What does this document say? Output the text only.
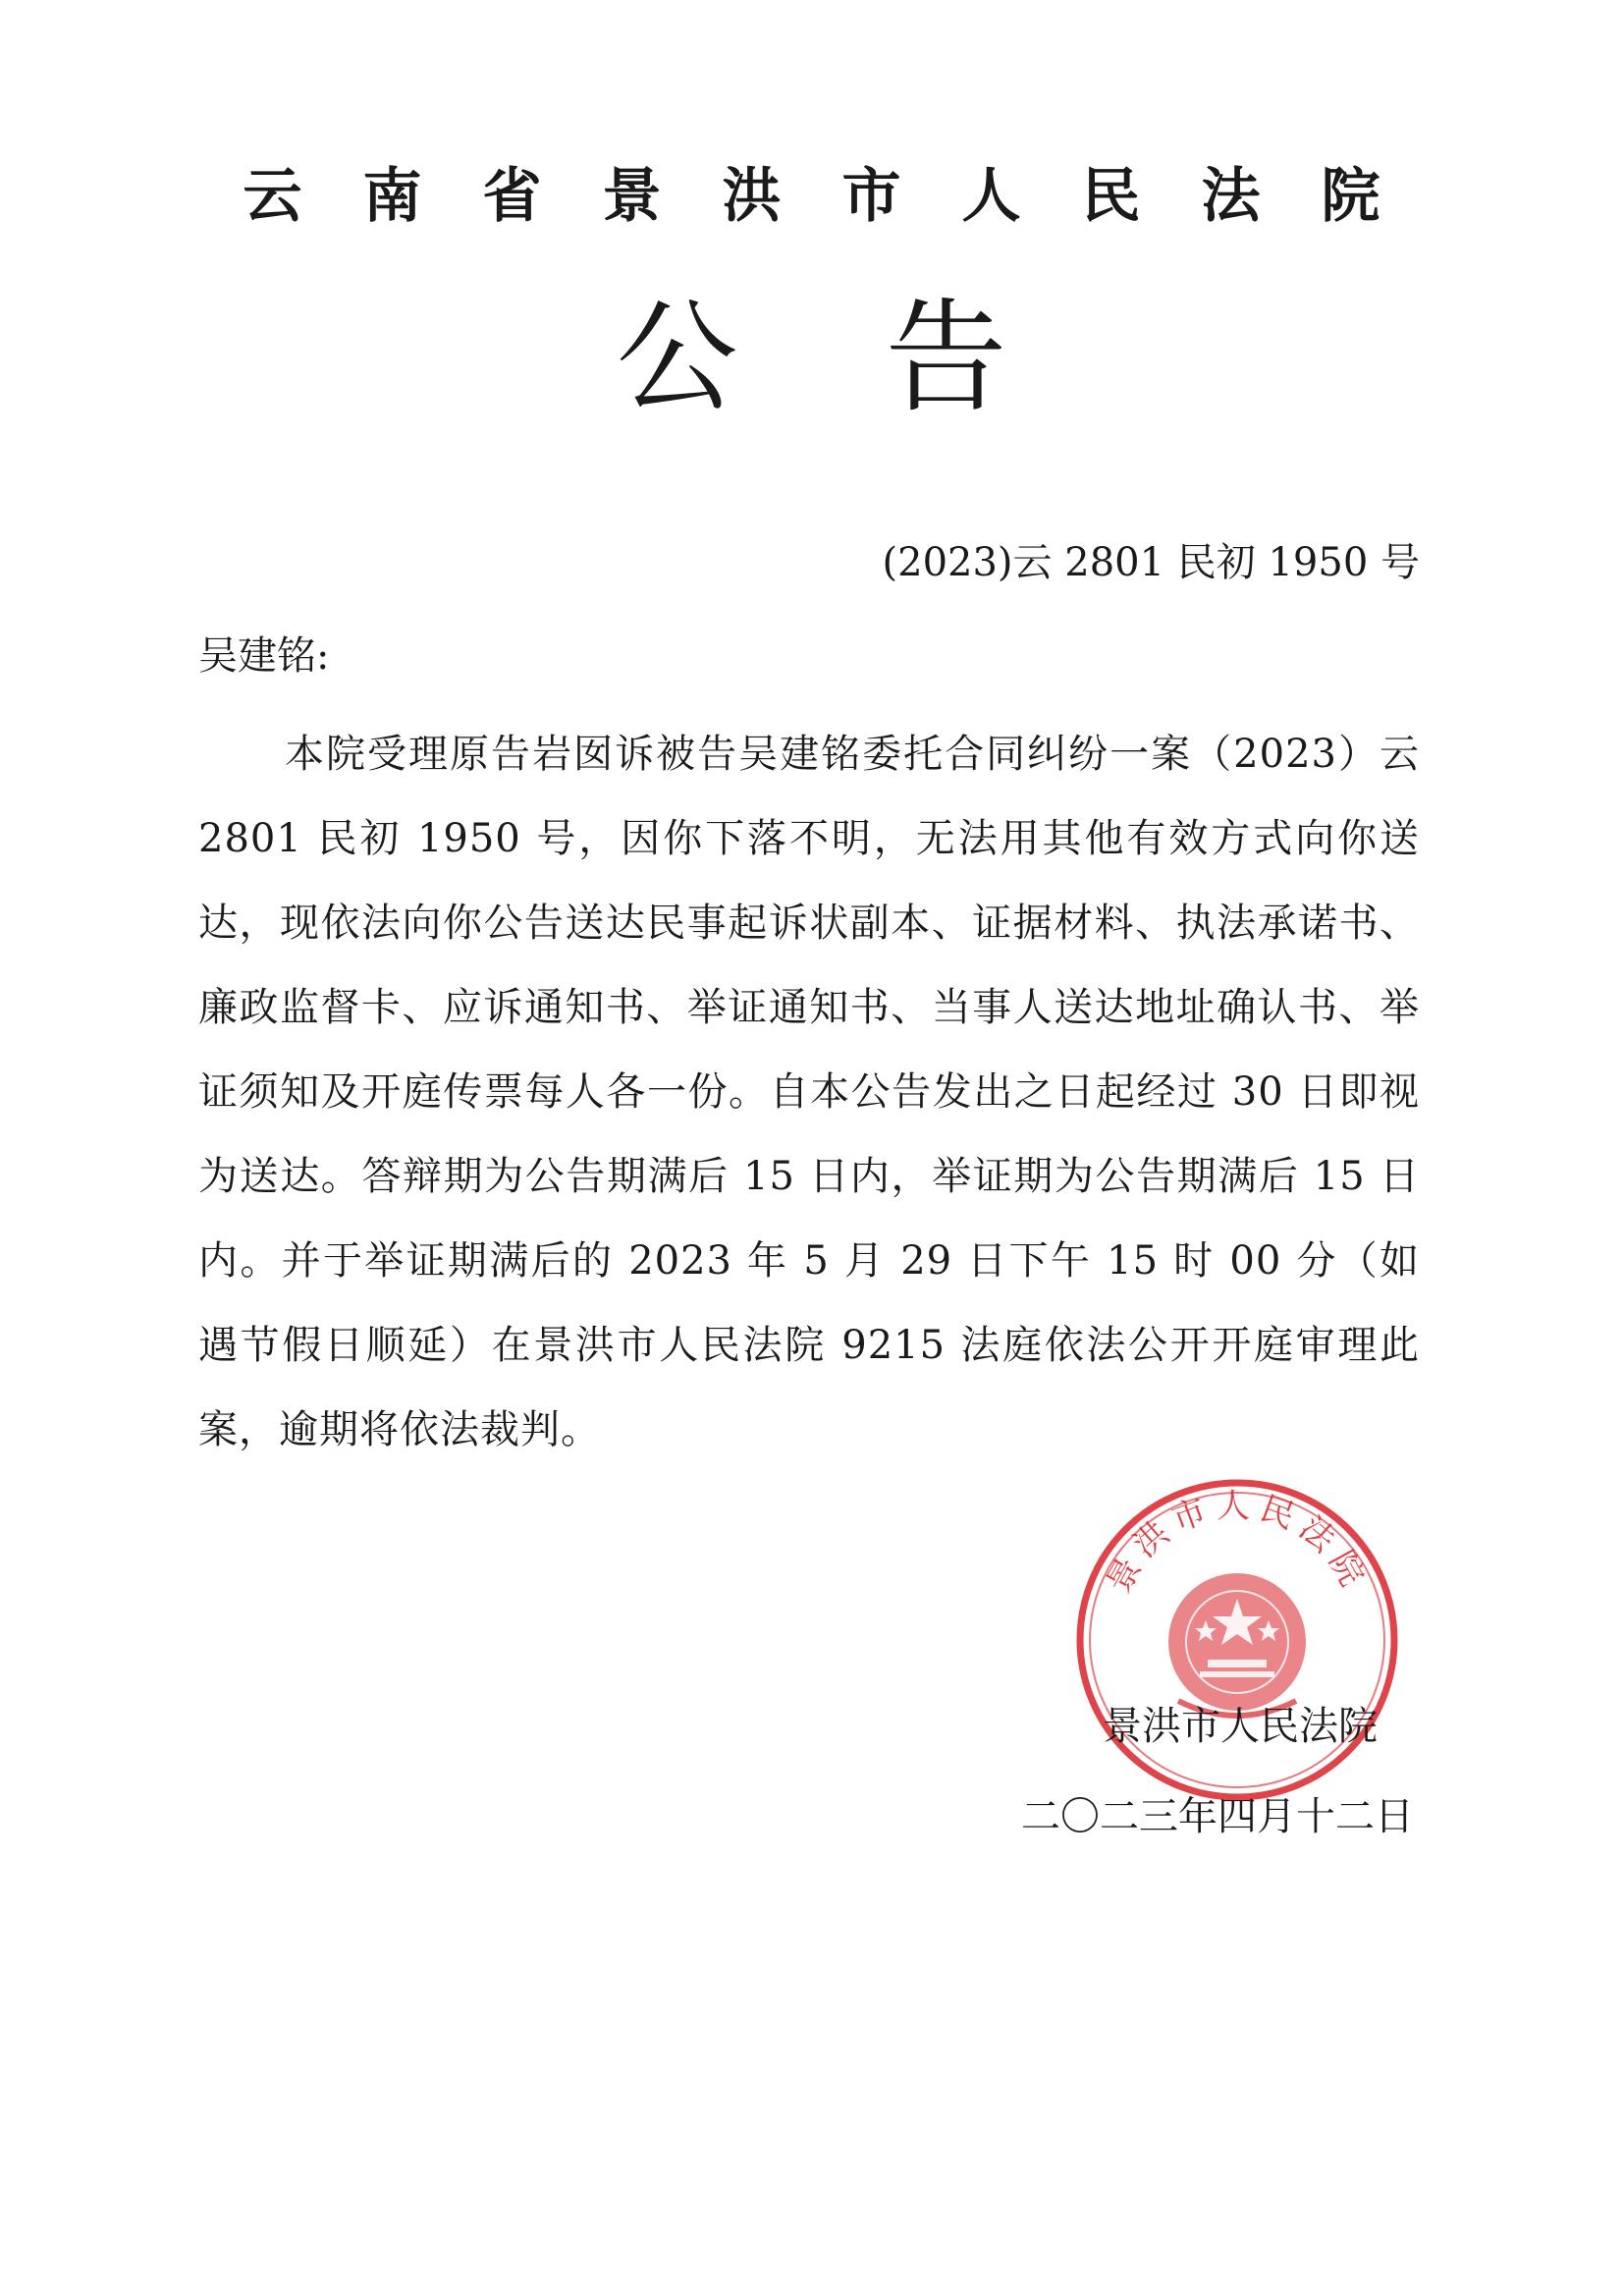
云南省景洪市人民法院
公告
(2023)云 2801 民初 1950 号
吴建铭:
本院受理原告岩囡诉被告吴建铭委托合同纠纷一案（2023）云 2801 民初 1950 号，因你下落不明，无法用其他有效方式向你送达，现依法向你公告送达民事起诉状副本、证据材料、执法承诺书、廉政监督卡、应诉通知书、举证通知书、当事人送达地址确认书、举证须知及开庭传票每人各一份。自本公告发出之日起经过 30 日即视为送达。答辩期为公告期满后 15 日内，举证期为公告期满后 15 日内。并于举证期满后的 2023 年 5 月 29 日下午 15 时 00 分（如遇节假日顺延）在景洪市人民法院 9215 法庭依法公开开庭审理此案，逾期将依法裁判。
景洪市人民法院
景洪市人民法院
二〇二三年四月十二日
